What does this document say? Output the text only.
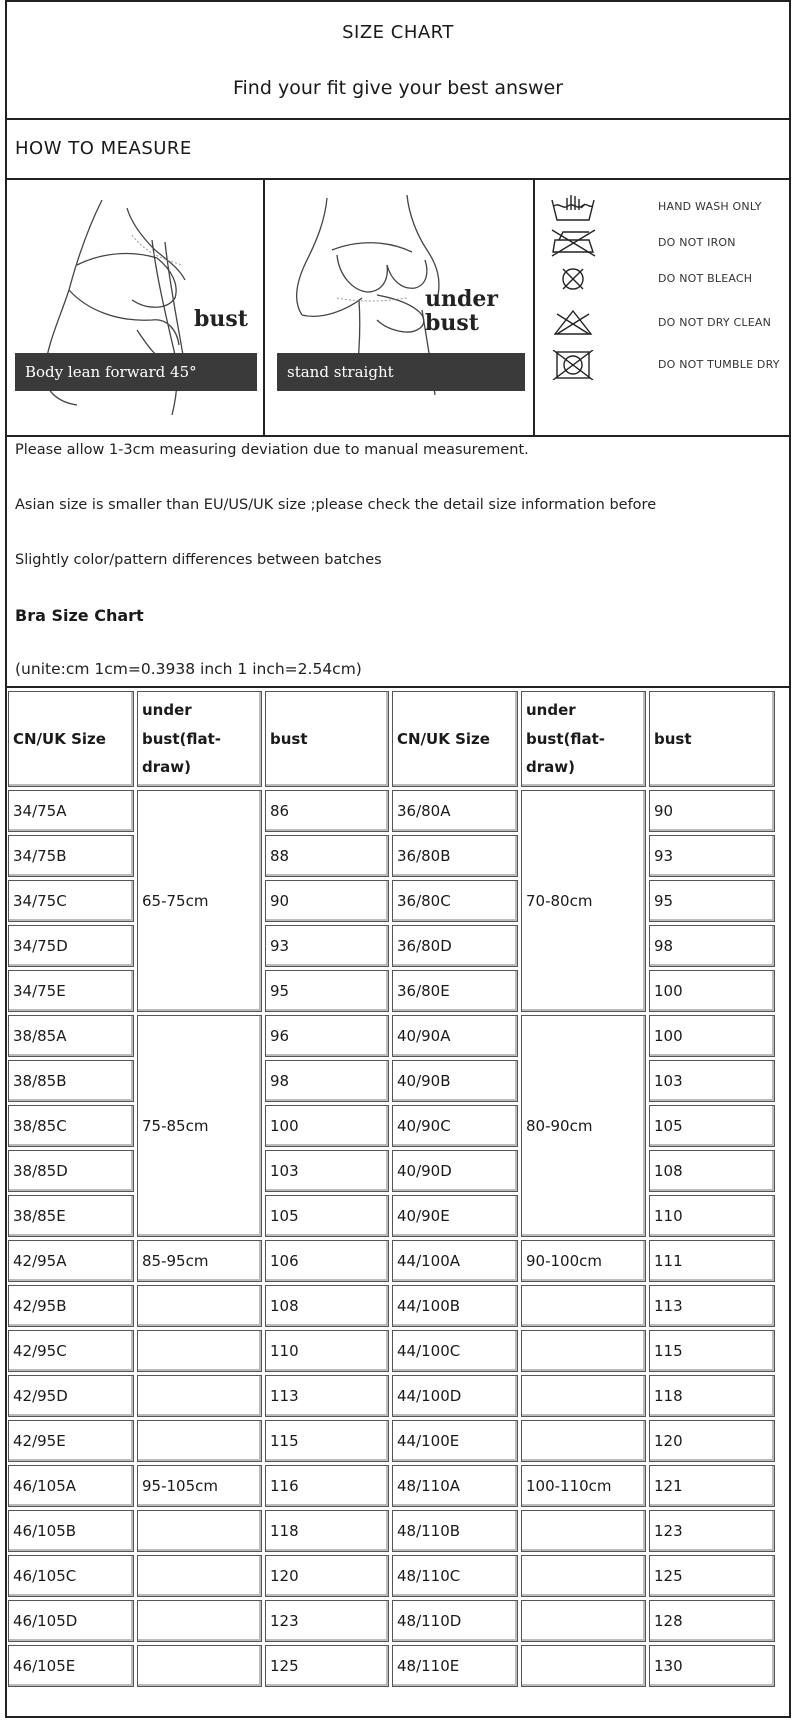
SIZE CHART
Find your fit give your best answer
HOW TO MEASURE
bust
Body lean forward 45°
under
bust
stand straight
HAND WASH ONLY
DO NOT IRON
DO NOT BLEACH
DO NOT DRY CLEAN
DO NOT TUMBLE DRY
Please allow 1-3cm measuring deviation due to manual measurement.
Asian size is smaller than EU/US/UK size ;please check the detail size information before
Slightly color/pattern differences between batches
Bra Size Chart
(unite:cm 1cm=0.3938 inch 1 inch=2.54cm)
CN/UK Size	under bust(flat-draw)	bust	CN/UK Size	under bust(flat-draw)	bust
34/75A	65-75cm	86	36/80A	70-80cm	90
34/75B		88	36/80B		93
34/75C		90	36/80C		95
34/75D		93	36/80D		98
34/75E		95	36/80E		100
38/85A	75-85cm	96	40/90A	80-90cm	100
38/85B		98	40/90B		103
38/85C		100	40/90C		105
38/85D		103	40/90D		108
38/85E		105	40/90E		110
42/95A	85-95cm	106	44/100A	90-100cm	111
42/95B		108	44/100B		113
42/95C		110	44/100C		115
42/95D		113	44/100D		118
42/95E		115	44/100E		120
46/105A	95-105cm	116	48/110A	100-110cm	121
46/105B		118	48/110B		123
46/105C		120	48/110C		125
46/105D		123	48/110D		128
46/105E		125	48/110E		130
